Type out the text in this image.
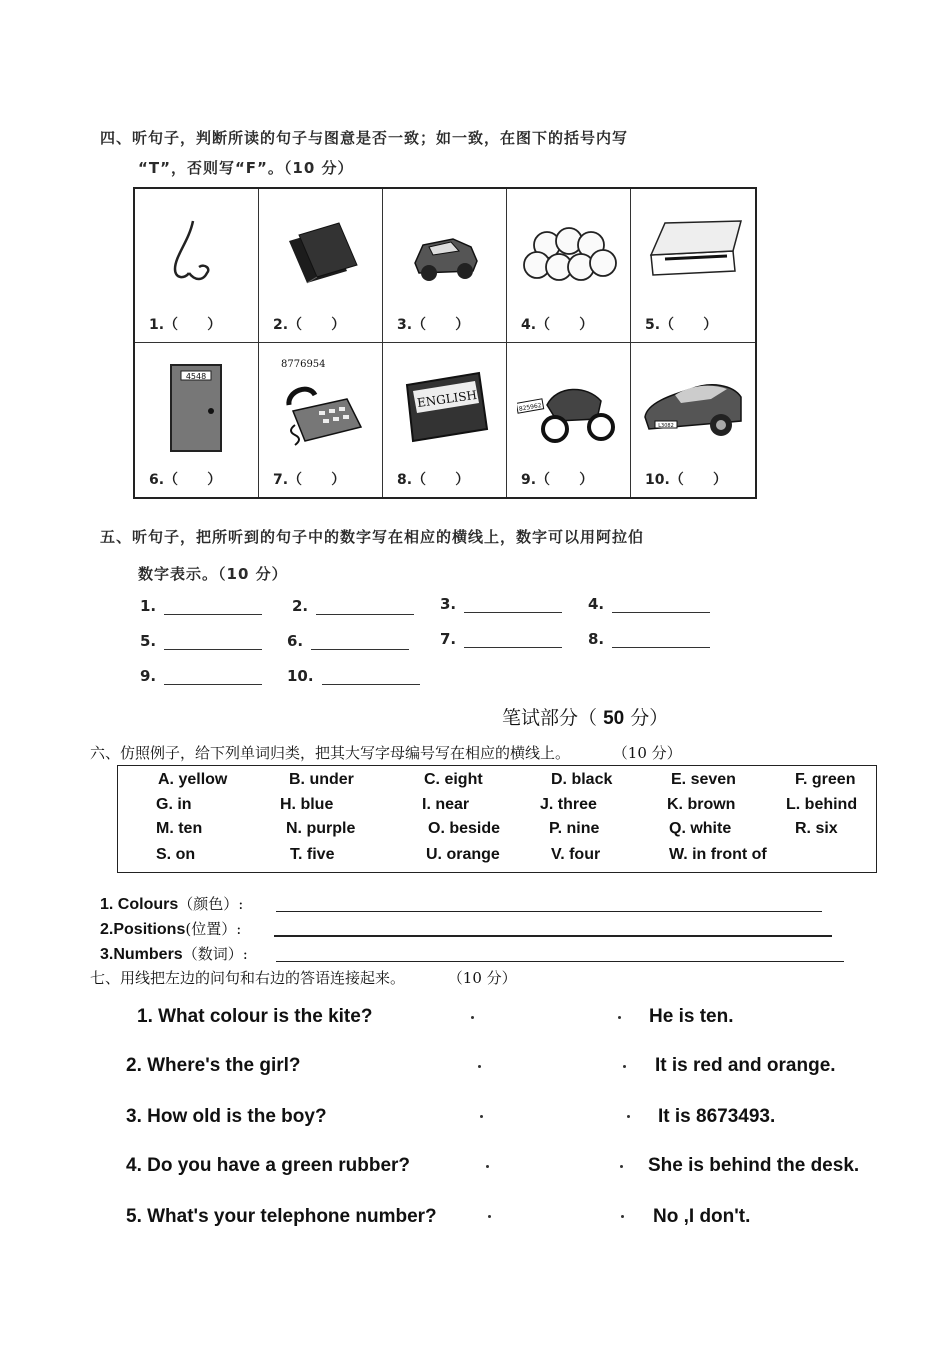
四、听句子，判断所读的句子与图意是否一致；如一致，在图下的括号内写
“T”，否则写“F”。（10 分）
1.（      ）	2.（      ）	3.（      ）	4.（      ）	5.（      ）
4548
6.（      ）
8776954
7.（      ）
ENGLISH
8.（      ）
825962
9.（      ）
L3082
10.（      ）
五、听句子，把所听到的句子中的数字写在相应的横线上，数字可以用阿拉伯
数字表示。（10 分）
1.	2.	3.	4.
5.	6.	7.	8.
9.	10.
笔试部分（ 50 分）
六、仿照例子，给下列单词归类，把其大写字母编号写在相应的横线上。	（10 分）
A. yellow	B. under	C. eight	D. black	E. seven	F. green
G. in	H. blue	I. near	J. three	K. brown	L. behind
M. ten	N. purple	O. beside	P. nine	Q. white	R. six
S. on	T. five	U. orange	V. four	W. in front of
1. Colours（颜色）:
2.Positions(位置）:
3.Numbers（数词）:
七、用线把左边的问句和右边的答语连接起来。	（10 分）
1. What colour is the kite?	He is ten.
2. Where's the girl?	It is red and orange.
3. How old is the boy?	It is 8673493.
4. Do you have a green rubber?	She is behind the desk.
5. What's your telephone number?	No ,I don't.
